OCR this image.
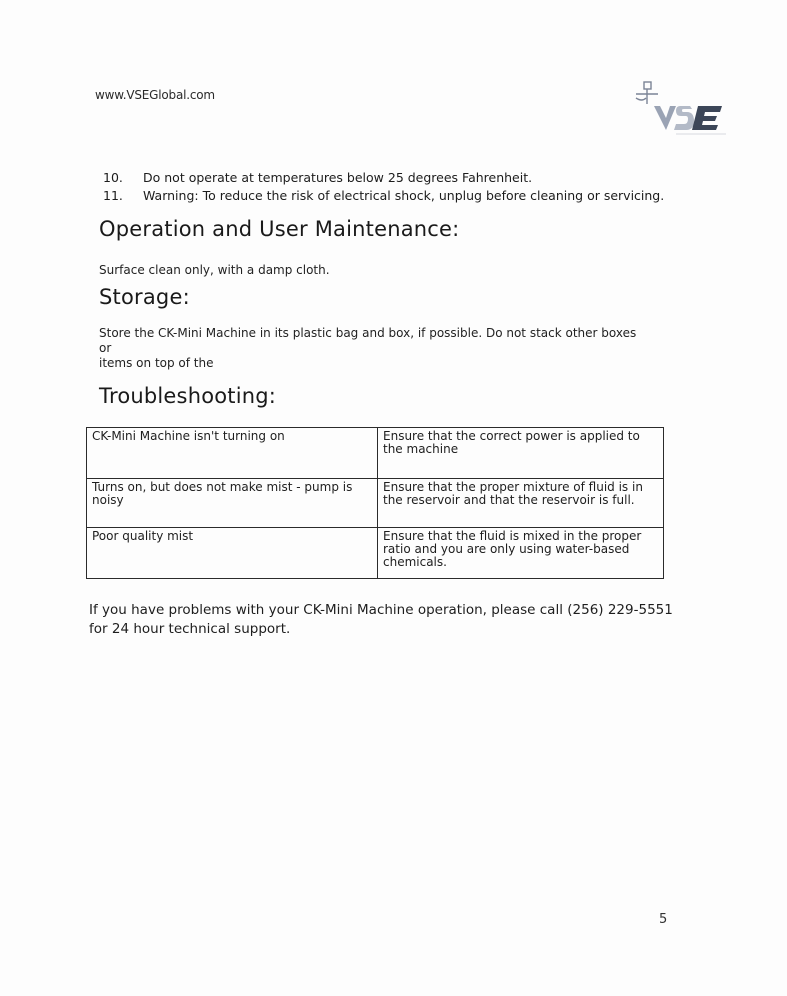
www.VSEGlobal.com
10. Do not operate at temperatures below 25 degrees Fahrenheit.
11. Warning: To reduce the risk of electrical shock, unplug before cleaning or servicing.
Operation and User Maintenance:
Surface clean only, with a damp cloth.
Storage:
Store the CK-Mini Machine in its plastic bag and box, if possible. Do not stack other boxes
or
items on top of the
Troubleshooting:
CK-Mini Machine isn't turning on	Ensure that the correct power is applied to the machine
Turns on, but does not make mist - pump is noisy	Ensure that the proper mixture of fluid is in the reservoir and that the reservoir is full.
Poor quality mist	Ensure that the fluid is mixed in the proper ratio and you are only using water-based chemicals.
If you have problems with your CK-Mini Machine operation, please call (256) 229-5551 for 24 hour technical support.
5
